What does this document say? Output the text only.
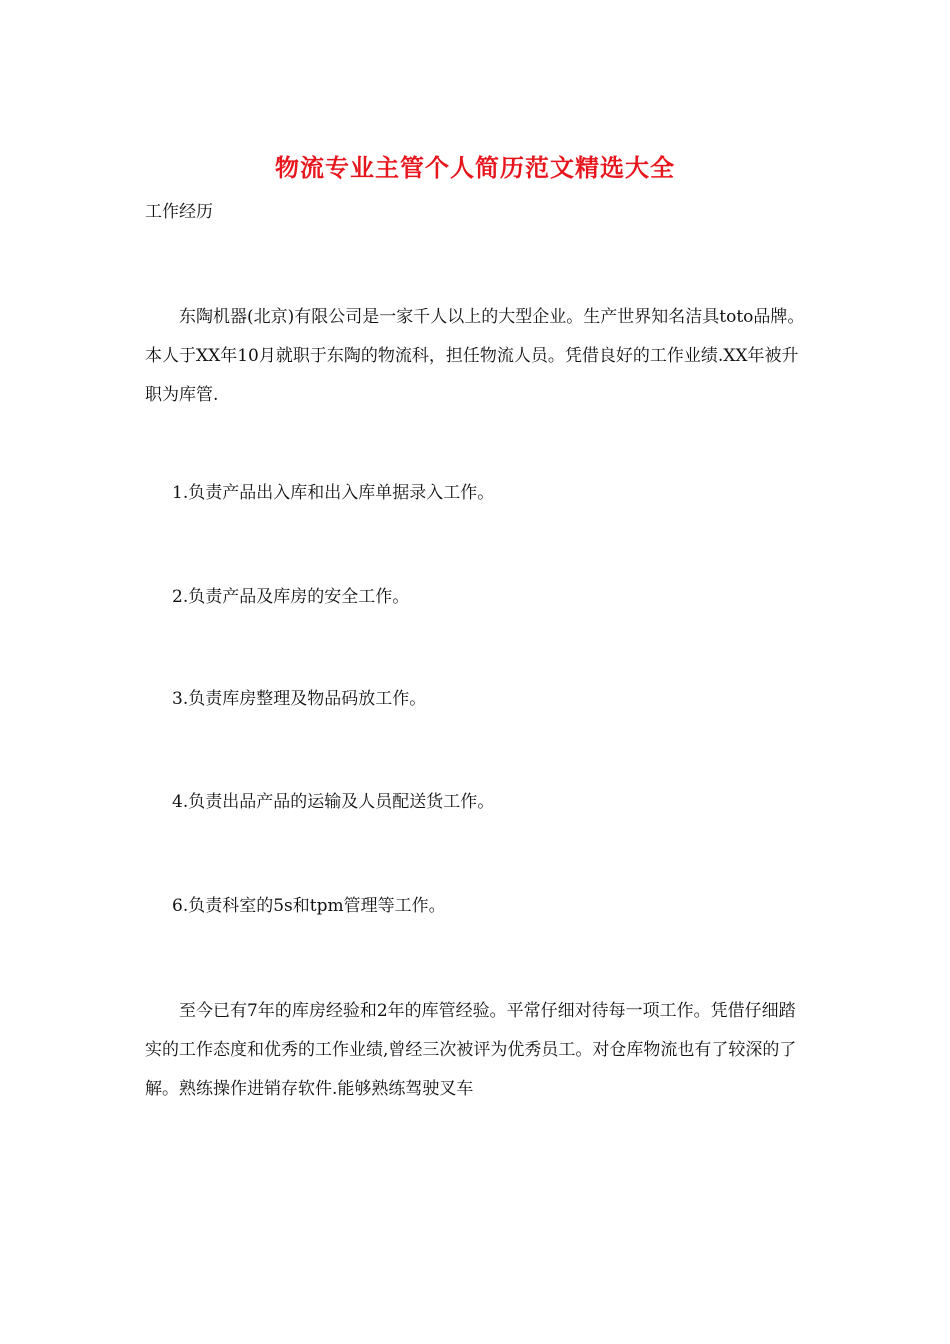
物流专业主管个人简历范文精选大全
工作经历
东陶机器(北京)有限公司是一家千人以上的大型企业。生产世界知名洁具toto品牌。本人于XX年10月就职于东陶的物流科，担任物流人员。凭借良好的工作业绩.XX年被升职为库管.
1.负责产品出入库和出入库单据录入工作。
2.负责产品及库房的安全工作。
3.负责库房整理及物品码放工作。
4.负责出品产品的运输及人员配送货工作。
6.负责科室的5s和tpm管理等工作。
至今已有7年的库房经验和2年的库管经验。平常仔细对待每一项工作。凭借仔细踏实的工作态度和优秀的工作业绩,曾经三次被评为优秀员工。对仓库物流也有了较深的了解。熟练操作进销存软件.能够熟练驾驶叉车
